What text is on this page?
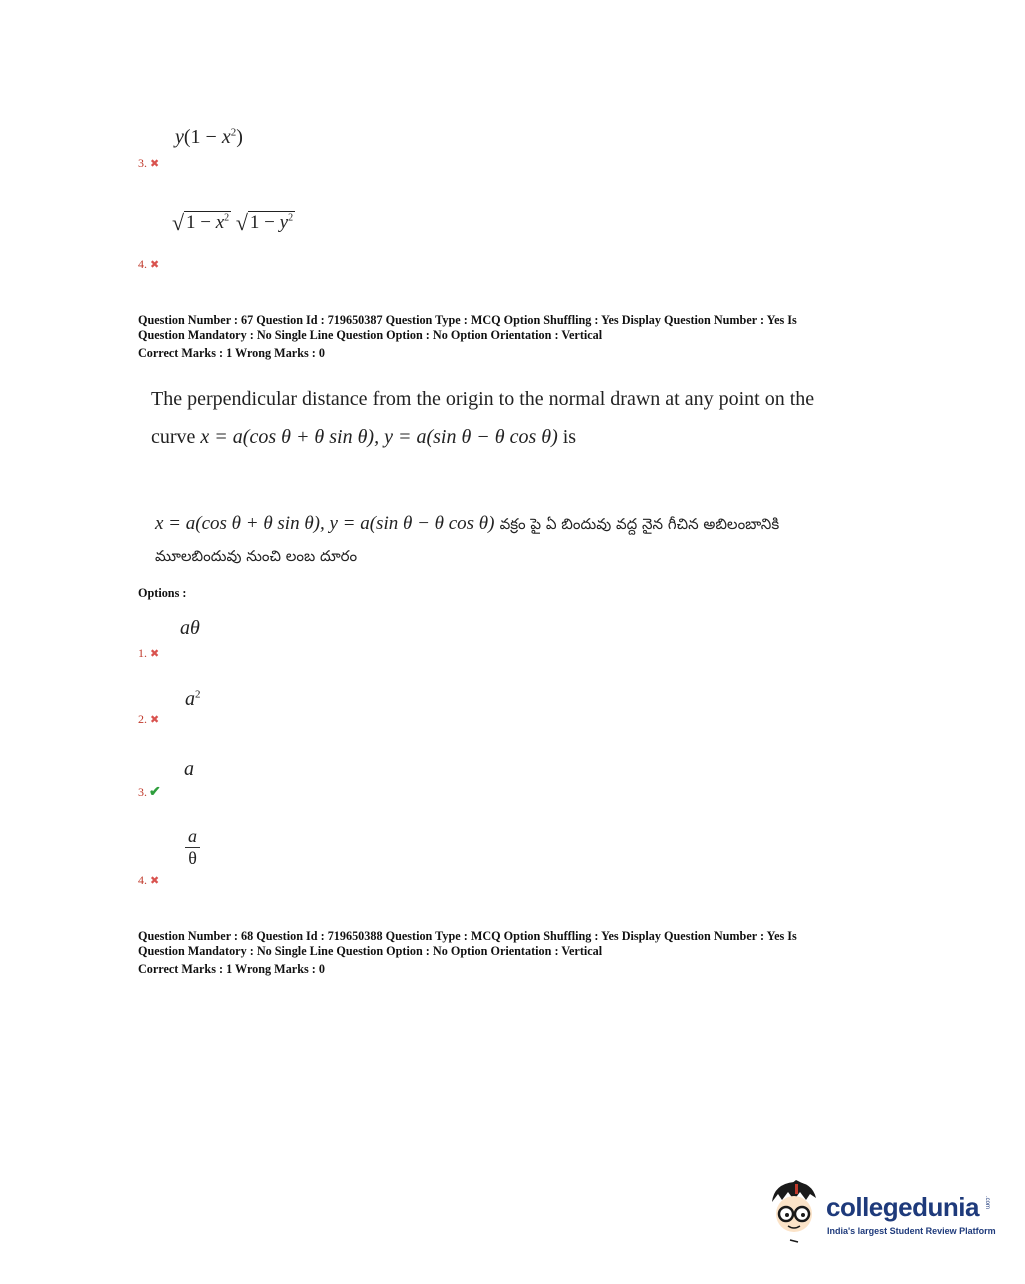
$y(1 - x^2)$
3. ✖
√ $1 - x^2$ √ $1 - y^2$
4. ✖
Question Number : 67 Question Id : 719650387 Question Type : MCQ Option Shuffling : Yes Display Question Number : Yes Is
Question Mandatory : No Single Line Question Option : No Option Orientation : Vertical
Correct Marks : 1 Wrong Marks : 0
The perpendicular distance from the origin to the normal drawn at any point on the
curve x = a(cos θ + θ sin θ), y = a(sin θ − θ cos θ) is
x = a(cos θ + θ sin θ), y = a(sin θ − θ cos θ) వక్రం పై ఏ బిందువు వద్ద నైన గీచిన అబిలంబానికి
మూలబిందువు నుంచి లంబ దూరం
Options :
aθ
1. ✖
$a^2$
2. ✖
a
3. ✔
$\frac{a}{\theta}$
4. ✖
Question Number : 68 Question Id : 719650388 Question Type : MCQ Option Shuffling : Yes Display Question Number : Yes Is
Question Mandatory : No Single Line Question Option : No Option Orientation : Vertical
Correct Marks : 1 Wrong Marks : 0
collegedunia .com
India's largest Student Review Platform
